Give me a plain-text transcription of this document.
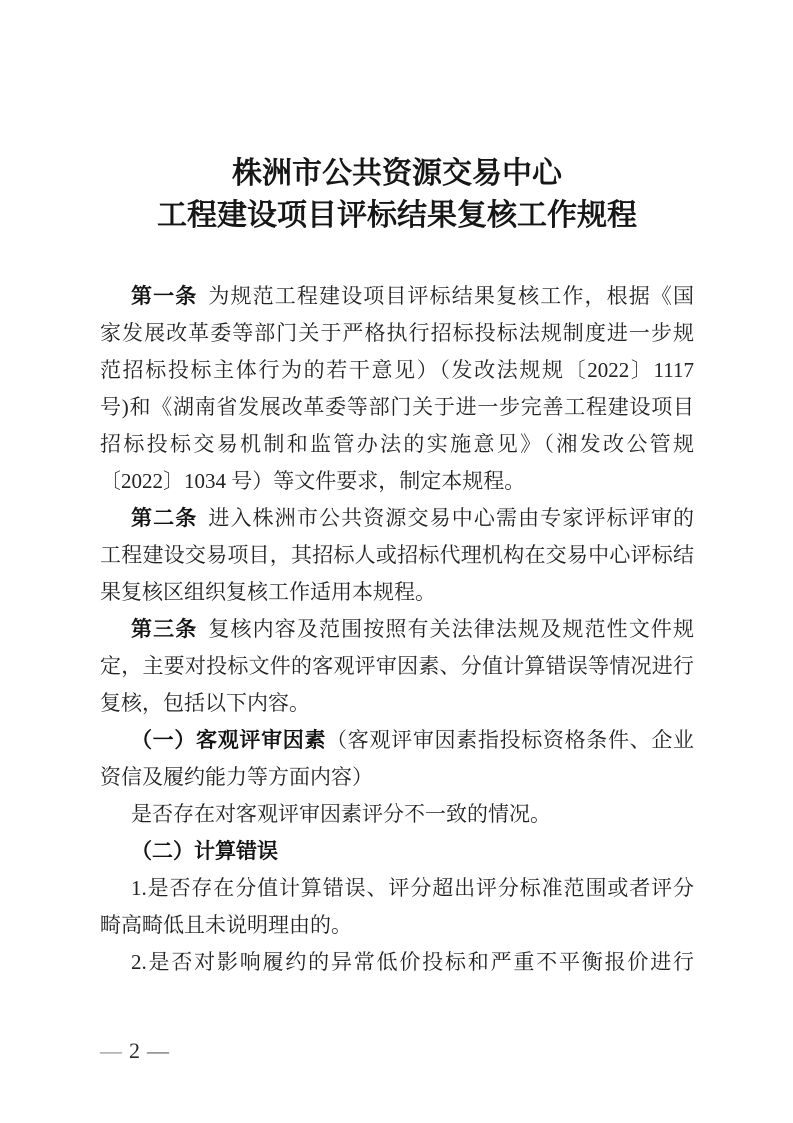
株洲市公共资源交易中心
工程建设项目评标结果复核工作规程
第一条 为规范工程建设项目评标结果复核工作，根据《国
家发展改革委等部门关于严格执行招标投标法规制度进一步规
范招标投标主体行为的若干意见）（发改法规规〔2022〕1117
号)和《湖南省发展改革委等部门关于进一步完善工程建设项目
招标投标交易机制和监管办法的实施意见》（湘发改公管规
〔2022〕1034 号）等文件要求，制定本规程。
第二条 进入株洲市公共资源交易中心需由专家评标评审的
工程建设交易项目，其招标人或招标代理机构在交易中心评标结
果复核区组织复核工作适用本规程。
第三条 复核内容及范围按照有关法律法规及规范性文件规
定，主要对投标文件的客观评审因素、分值计算错误等情况进行
复核，包括以下内容。
（一）客观评审因素（客观评审因素指投标资格条件、企业
资信及履约能力等方面内容）
是否存在对客观评审因素评分不一致的情况。
（二）计算错误
1.是否存在分值计算错误、评分超出评分标准范围或者评分
畸高畸低且未说明理由的。
2.是否对影响履约的异常低价投标和严重不平衡报价进行
— 2 —
